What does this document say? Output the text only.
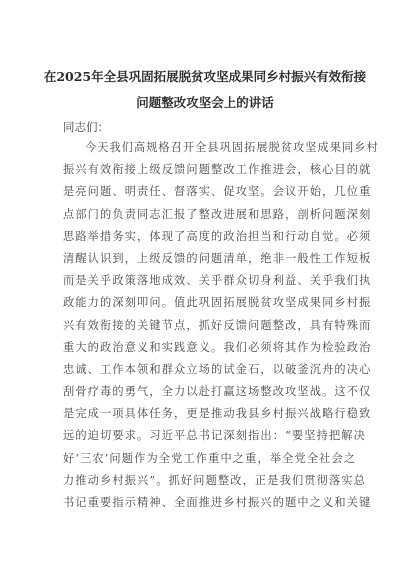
在2025年全县巩固拓展脱贫攻坚成果同乡村振兴有效衔接
问题整改攻坚会上的讲话
同志们：
今天我们高规格召开全县巩固拓展脱贫攻坚成果同乡村
振兴有效衔接上级反馈问题整改工作推进会，核心目的就
是亮问题、明责任、督落实、促攻坚。会议开始，几位重
点部门的负责同志汇报了整改进展和思路，剖析问题深刻
思路举措务实，体现了高度的政治担当和行动自觉。必须
清醒认识到，上级反馈的问题清单，绝非一般性工作短板
而是关乎政策落地成效、关乎群众切身利益、关乎我们执
政能力的深刻叩问。值此巩固拓展脱贫攻坚成果同乡村振
兴有效衔接的关键节点，抓好反馈问题整改，具有特殊而
重大的政治意义和实践意义。我们必须将其作为检验政治
忠诚、工作本领和群众立场的试金石，以破釜沉舟的决心
刮骨疗毒的勇气，全力以赴打赢这场整改攻坚战。这不仅
是完成一项具体任务，更是推动我县乡村振兴战略行稳致
远的迫切要求。习近平总书记深刻指出：“要坚持把解决
好‘三农’问题作为全党工作重中之重，举全党全社会之
力推动乡村振兴”。抓好问题整改，正是我们贯彻落实总
书记重要指示精神、全面推进乡村振兴的题中之义和关键
